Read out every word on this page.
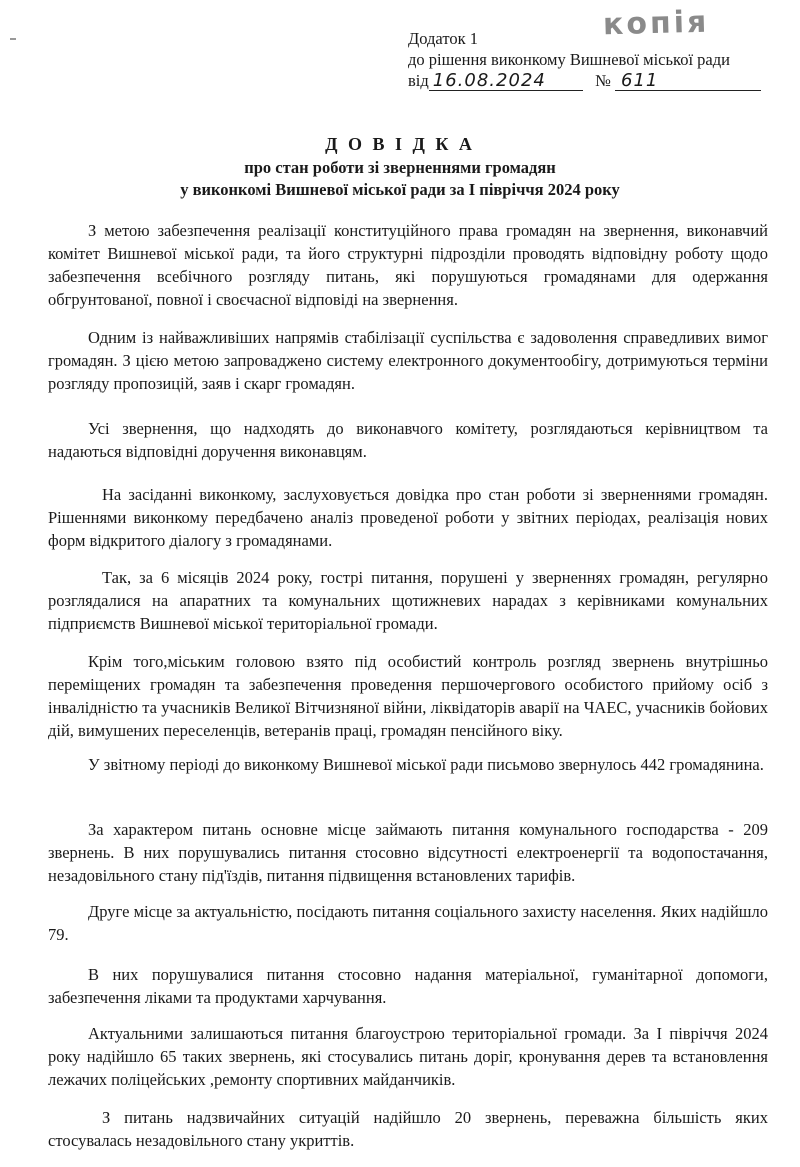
копія
Додаток 1
до рішення виконкому Вишневої міської ради
від 16.08.2024	№ 611
Д О В І Д К А
про стан роботи зі зверненнями громадян
у виконкомі Вишневої міської ради за I півріччя 2024 року

З метою забезпечення реалізації конституційного права громадян на звернення, виконавчий комітет Вишневої міської ради, та його структурні підрозділи проводять відповідну роботу щодо забезпечення всебічного розгляду питань, які порушуються громадянами для одержання обгрунтованої, повної і своєчасної відповіді на звернення.

Одним із найважливіших напрямів стабілізації суспільства є задоволення справедливих вимог громадян. З цією метою запроваджено систему електронного документообігу, дотримуються терміни розгляду пропозицій, заяв і скарг громадян.

Усі звернення, що надходять до виконавчого комітету, розглядаються керівництвом та надаються відповідні доручення виконавцям.

На засіданні виконкому, заслуховується довідка про стан роботи зі зверненнями громадян. Рішеннями виконкому передбачено аналіз проведеної роботи у звітних періодах, реалізація нових форм відкритого діалогу з громадянами.

Так, за 6 місяців 2024 року, гострі питання, порушені у зверненнях громадян, регулярно розглядалися на апаратних та комунальних щотижневих нарадах з керівниками комунальних підприємств Вишневої міської територіальної громади.

Крім того,міським головою взято під особистий контроль розгляд звернень внутрішньо переміщених громадян та забезпечення проведення першочергового особистого прийому осіб з інвалідністю та учасників Великої Вітчизняної війни, ліквідаторів аварії на ЧАЕС, учасників бойових дій, вимушених переселенців, ветеранів праці, громадян пенсійного віку.

У звітному періоді до виконкому Вишневої міської ради письмово звернулось 442 громадянина.

За характером питань основне місце займають питання комунального господарства - 209 звернень. В них порушувались питання стосовно відсутності електроенергії та водопостачання, незадовільного стану під'їздів, питання підвищення встановлених тарифів.

Друге місце за актуальністю, посідають питання соціального захисту населення. Яких надійшло 79.

В них порушувалися питання стосовно надання матеріальної, гуманітарної допомоги, забезпечення ліками та продуктами харчування.

Актуальними залишаються питання благоустрою територіальної громади. За I півріччя 2024 року надійшло 65 таких звернень, які стосувались питань доріг, кронування дерев та встановлення лежачих поліцейських ,ремонту спортивних майданчиків.

З питань надзвичайних ситуацій надійшло 20 звернень, переважна більшість яких стосувалась незадовільного стану укриттів.
